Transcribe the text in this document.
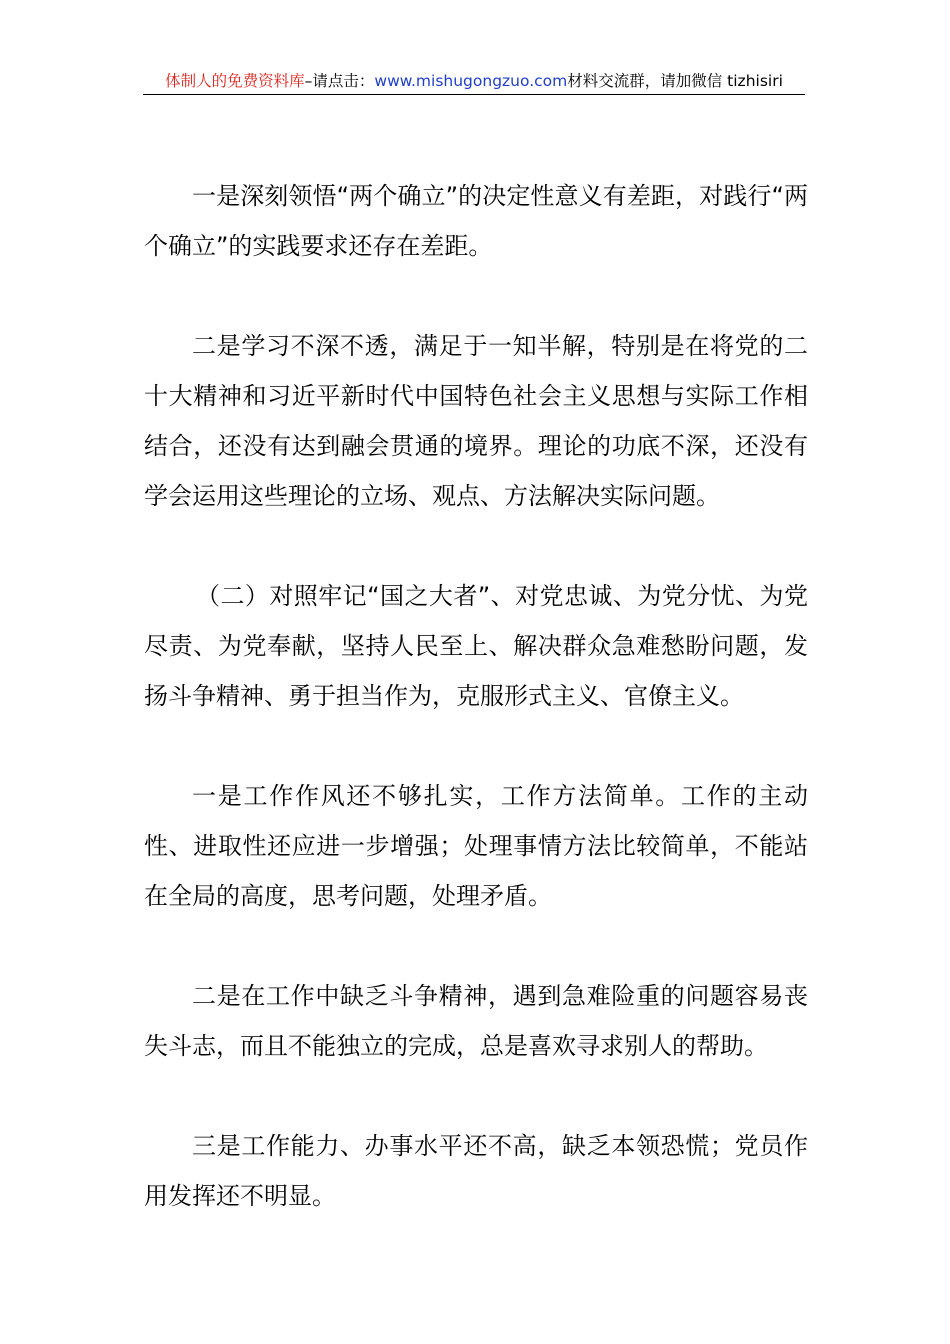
体制人的免费资料库–请点击：www.mishugongzuo.com材料交流群，请加微信 tizhisiri

一是深刻领悟“两个确立”的决定性意义有差距，对践行“两个确立”的实践要求还存在差距。

二是学习不深不透，满足于一知半解，特别是在将党的二十大精神和习近平新时代中国特色社会主义思想与实际工作相结合，还没有达到融会贯通的境界。理论的功底不深，还没有学会运用这些理论的立场、观点、方法解决实际问题。

（二）对照牢记“国之大者”、对党忠诚、为党分忧、为党尽责、为党奉献，坚持人民至上、解决群众急难愁盼问题，发扬斗争精神、勇于担当作为，克服形式主义、官僚主义。

一是工作作风还不够扎实，工作方法简单。工作的主动性、进取性还应进一步增强；处理事情方法比较简单，不能站在全局的高度，思考问题，处理矛盾。

二是在工作中缺乏斗争精神，遇到急难险重的问题容易丧失斗志，而且不能独立的完成，总是喜欢寻求别人的帮助。

三是工作能力、办事水平还不高，缺乏本领恐慌；党员作用发挥还不明显。
